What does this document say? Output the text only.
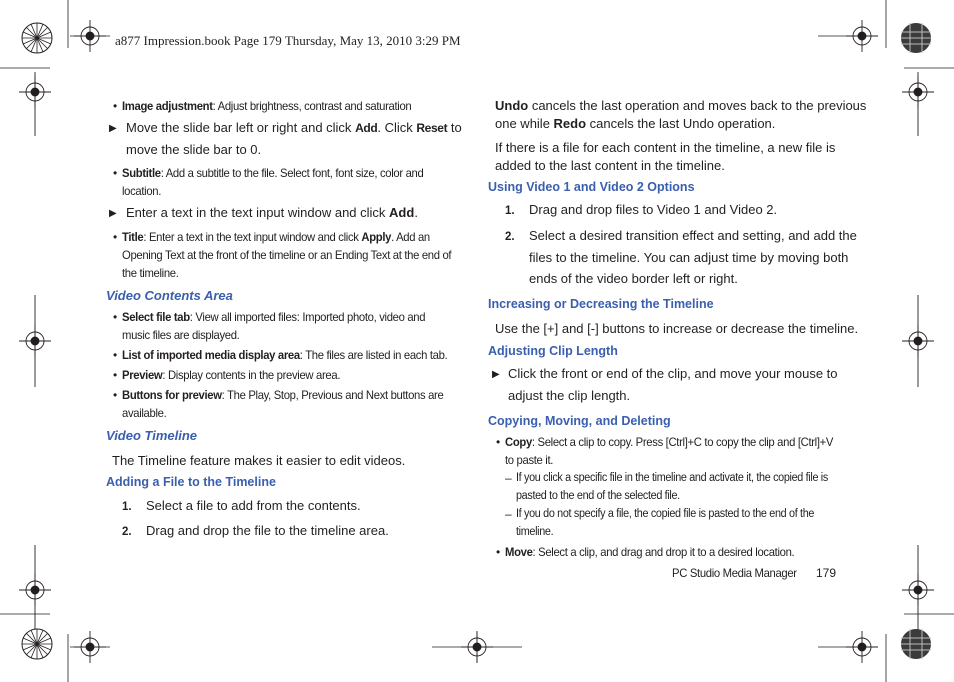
a877 Impression.book Page 179 Thursday, May 13, 2010 3:29 PM
• Image adjustment: Adjust brightness, contrast and saturation
▶ Move the slide bar left or right and click Add. Click Reset to
move the slide bar to 0.
• Subtitle: Add a subtitle to the file. Select font, font size, color and
location.
▶ Enter a text in the text input window and click Add.
• Title: Enter a text in the text input window and click Apply. Add an
Opening Text at the front of the timeline or an Ending Text at the end of
the timeline.
Video Contents Area
• Select file tab: View all imported files: Imported photo, video and
music files are displayed.
• List of imported media display area: The files are listed in each tab.
• Preview: Display contents in the preview area.
• Buttons for preview: The Play, Stop, Previous and Next buttons are
available.
Video Timeline
The Timeline feature makes it easier to edit videos.
Adding a File to the Timeline
1. Select a file to add from the contents.
2. Drag and drop the file to the timeline area.
Undo cancels the last operation and moves back to the previous
one while Redo cancels the last Undo operation.
If there is a file for each content in the timeline, a new file is
added to the last content in the timeline.
Using Video 1 and Video 2 Options
1. Drag and drop files to Video 1 and Video 2.
2. Select a desired transition effect and setting, and add the
files to the timeline. You can adjust time by moving both
ends of the video border left or right.
Increasing or Decreasing the Timeline
Use the [+] and [-] buttons to increase or decrease the timeline.
Adjusting Clip Length
▶ Click the front or end of the clip, and move your mouse to
adjust the clip length.
Copying, Moving, and Deleting
• Copy: Select a clip to copy. Press [Ctrl]+C to copy the clip and [Ctrl]+V
to paste it.
– If you click a specific file in the timeline and activate it, the copied file is
pasted to the end of the selected file.
– If you do not specify a file, the copied file is pasted to the end of the
timeline.
• Move: Select a clip, and drag and drop it to a desired location.
PC Studio Media Manager 179
